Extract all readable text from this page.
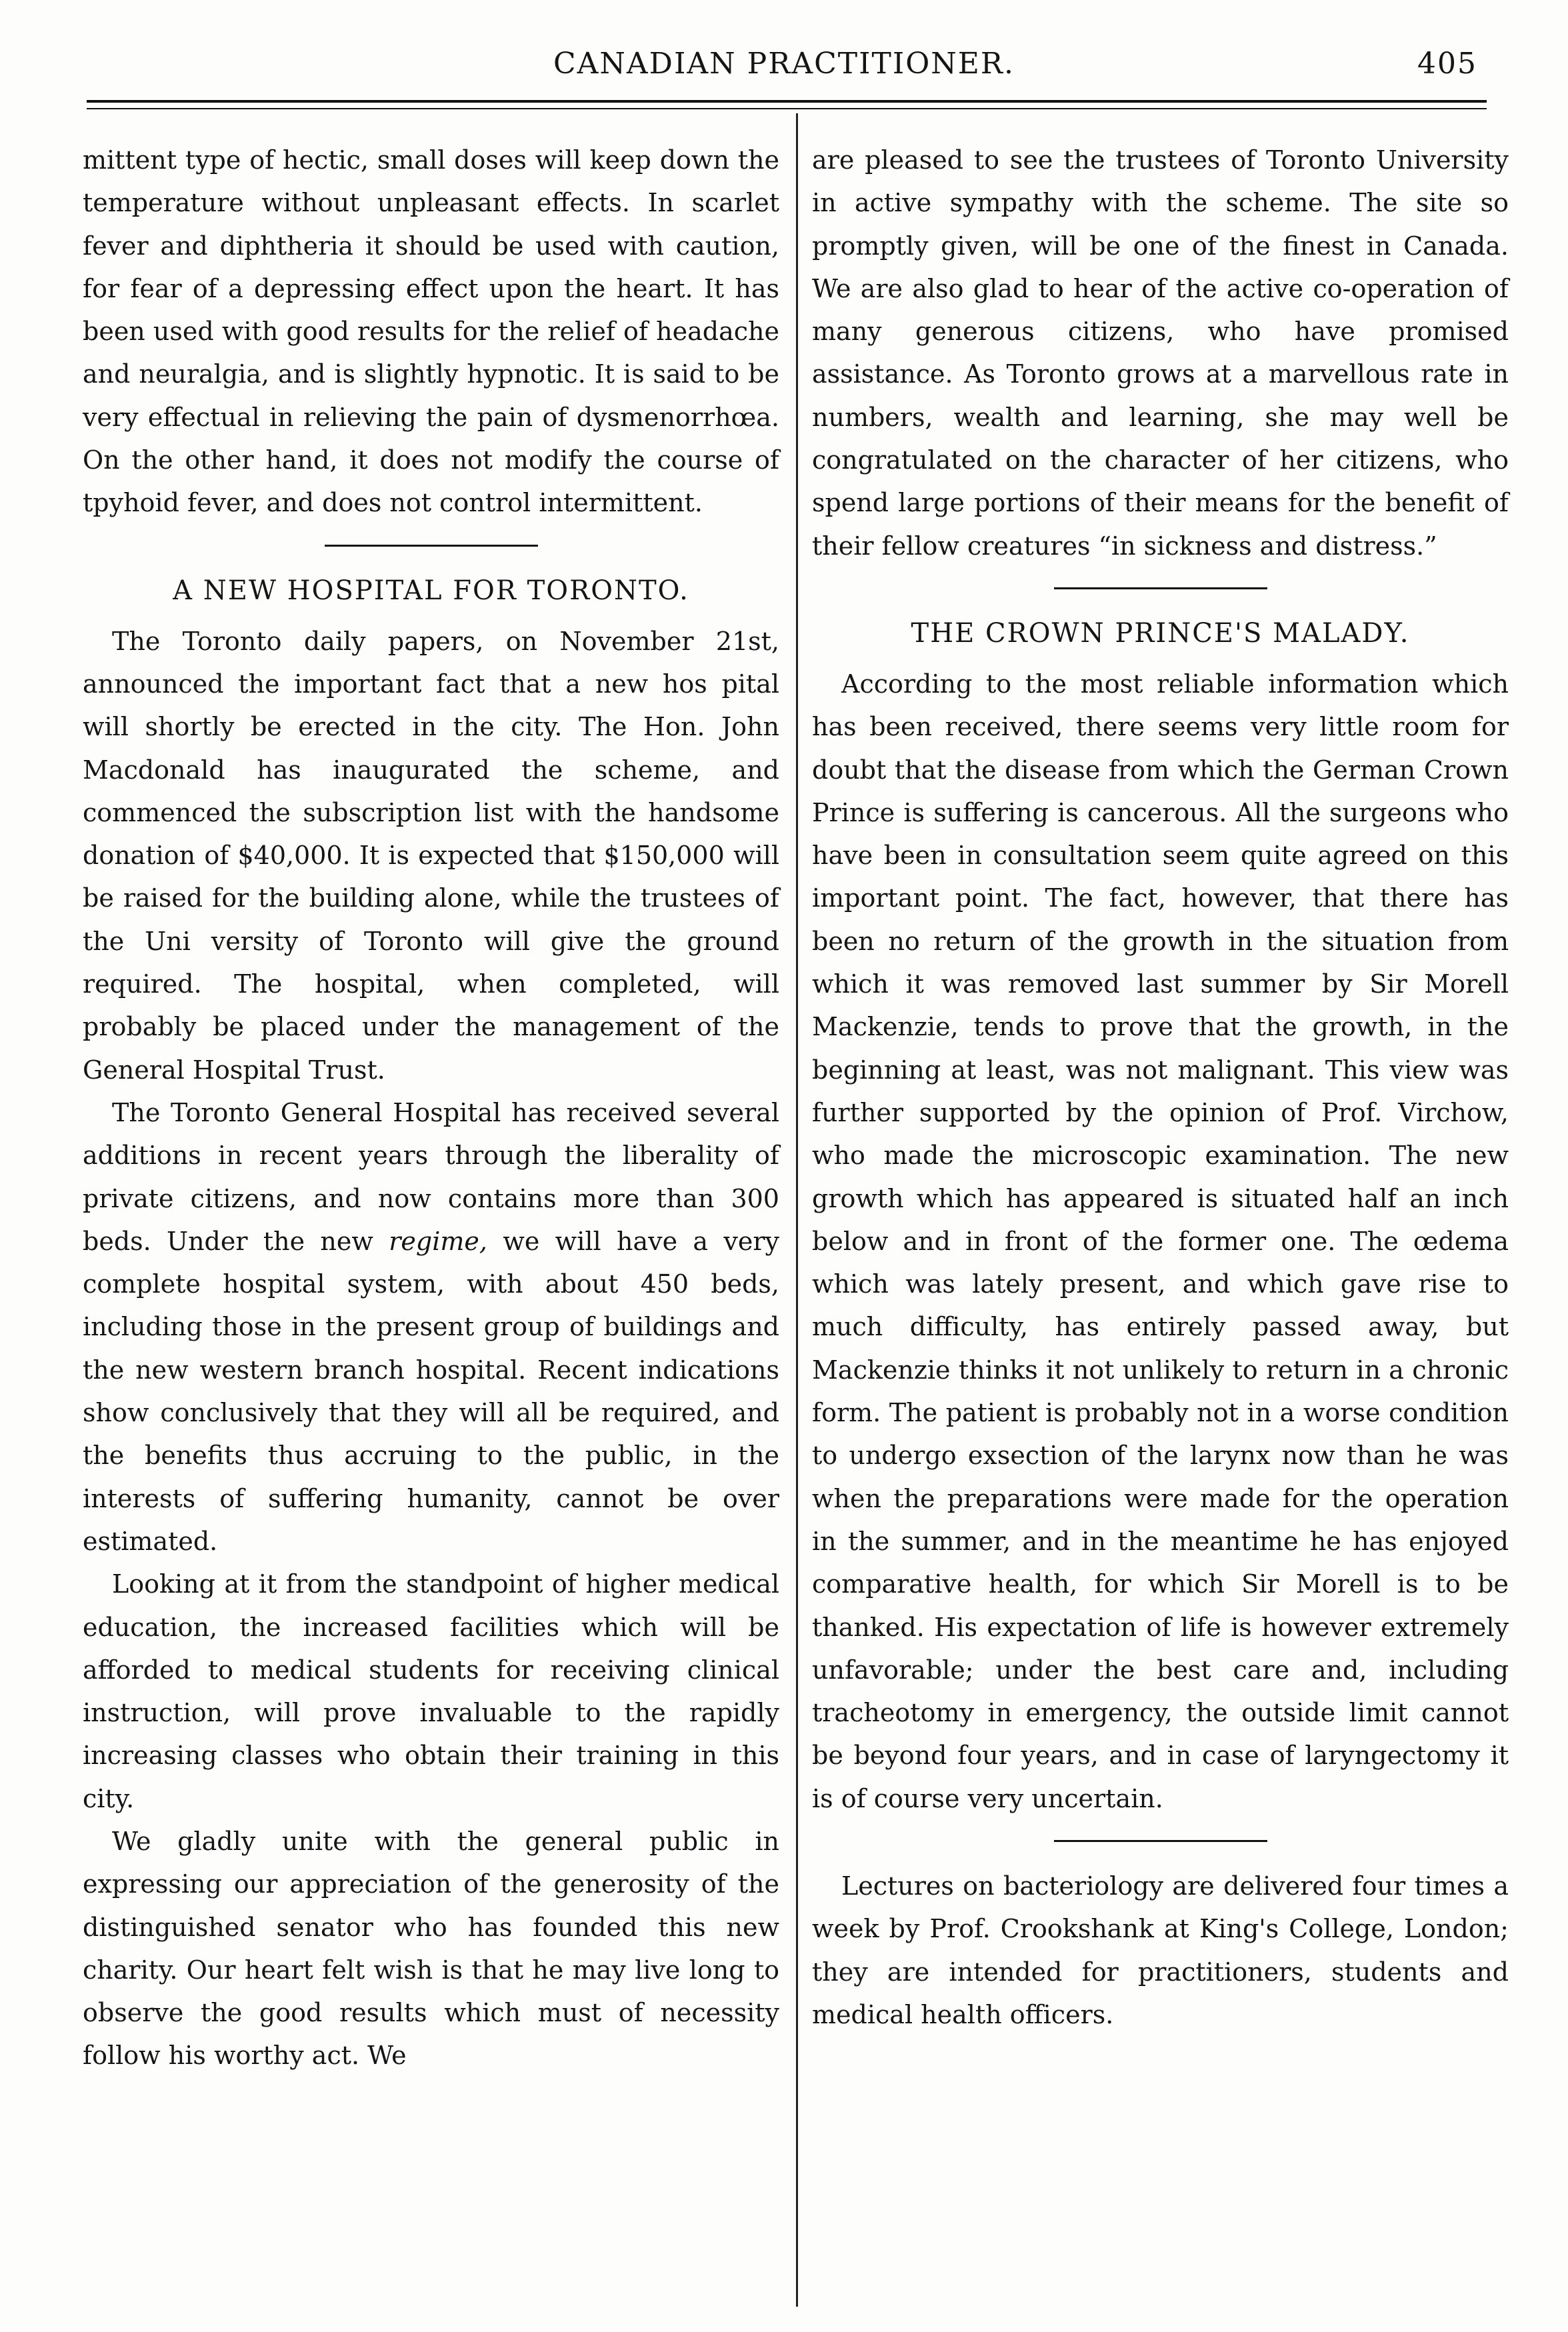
CANADIAN PRACTITIONER.	405

mittent type of hectic, small doses will keep down the temperature without unpleasant effects. In scarlet fever and diphtheria it should be used with caution, for fear of a depressing effect upon the heart. It has been used with good results for the relief of headache and neuralgia, and is slightly hypnotic. It is said to be very effectual in relieving the pain of dysmenorrhœa. On the other hand, it does not modify the course of tpyhoid fever, and does not control intermittent.

A NEW HOSPITAL FOR TORONTO.

The Toronto daily papers, on November 21st, announced the important fact that a new hos pital will shortly be erected in the city. The Hon. John Macdonald has inaugurated the scheme, and commenced the subscription list with the handsome donation of $40,000. It is expected that $150,000 will be raised for the building alone, while the trustees of the Uni versity of Toronto will give the ground required. The hospital, when completed, will probably be placed under the management of the General Hospital Trust.

The Toronto General Hospital has received several additions in recent years through the liberality of private citizens, and now contains more than 300 beds. Under the new regime, we will have a very complete hospital system, with about 450 beds, including those in the present group of buildings and the new western branch hospital. Recent indications show conclusively that they will all be required, and the benefits thus accruing to the public, in the interests of suffering humanity, cannot be over estimated.

Looking at it from the standpoint of higher medical education, the increased facilities which will be afforded to medical students for receiving clinical instruction, will prove invaluable to the rapidly increasing classes who obtain their training in this city.

We gladly unite with the general public in expressing our appreciation of the generosity of the distinguished senator who has founded this new charity. Our heart felt wish is that he may live long to observe the good results which must of necessity follow his worthy act. We

are pleased to see the trustees of Toronto University in active sympathy with the scheme. The site so promptly given, will be one of the finest in Canada. We are also glad to hear of the active co-operation of many generous citizens, who have promised assistance. As Toronto grows at a marvellous rate in numbers, wealth and learning, she may well be congratulated on the character of her citizens, who spend large portions of their means for the benefit of their fellow creatures “in sickness and distress.”

THE CROWN PRINCE'S MALADY.

According to the most reliable information which has been received, there seems very little room for doubt that the disease from which the German Crown Prince is suffering is cancerous. All the surgeons who have been in consultation seem quite agreed on this important point. The fact, however, that there has been no return of the growth in the situation from which it was removed last summer by Sir Morell Mackenzie, tends to prove that the growth, in the beginning at least, was not malignant. This view was further supported by the opinion of Prof. Virchow, who made the microscopic examination. The new growth which has appeared is situated half an inch below and in front of the former one. The œdema which was lately present, and which gave rise to much difficulty, has entirely passed away, but Mackenzie thinks it not unlikely to return in a chronic form. The patient is probably not in a worse condition to undergo exsection of the larynx now than he was when the preparations were made for the operation in the summer, and in the meantime he has enjoyed comparative health, for which Sir Morell is to be thanked. His expectation of life is however extremely unfavorable; under the best care and, including tracheotomy in emergency, the outside limit cannot be beyond four years, and in case of laryngectomy it is of course very uncertain.

Lectures on bacteriology are delivered four times a week by Prof. Crookshank at King's College, London; they are intended for practitioners, students and medical health officers.
